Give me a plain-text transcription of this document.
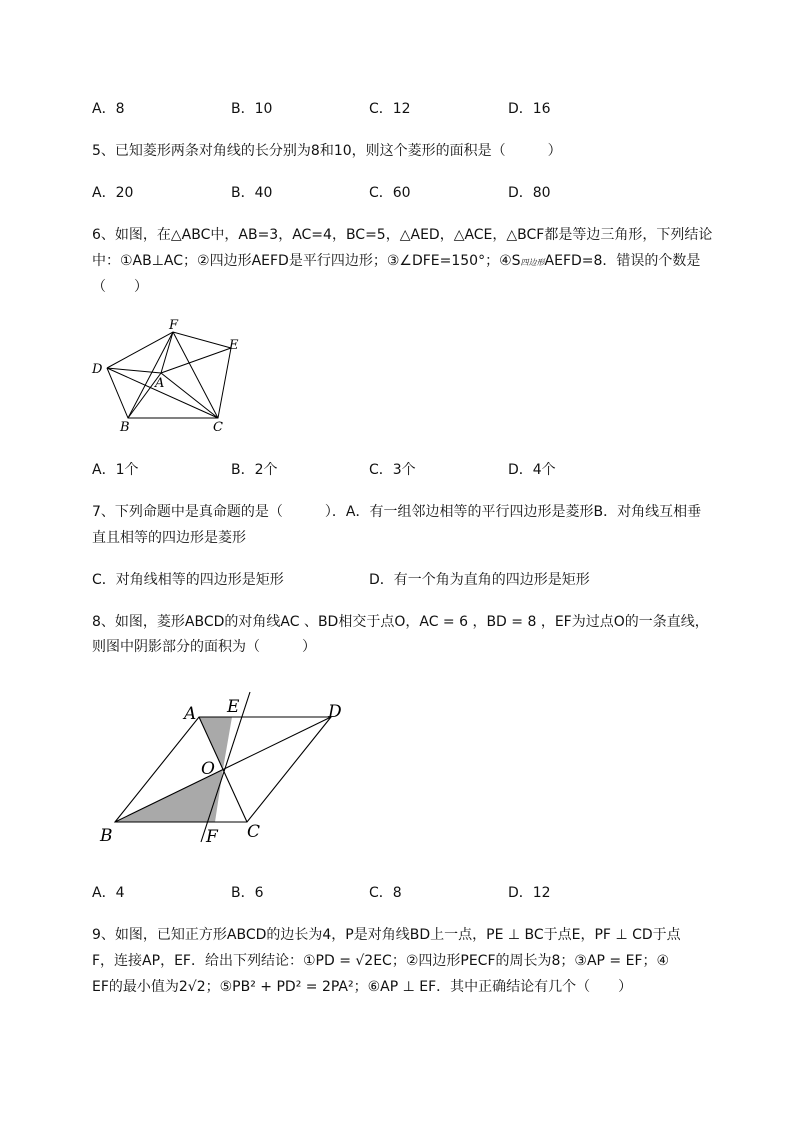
A．8	B．10	C．12	D．16
5、已知菱形两条对角线的长分别为8和10，则这个菱形的面积是（　　　）
A．20	B．40	C．60	D．80
6、如图，在△ABC中，AB=3，AC=4，BC=5，△AED，△ACE，△BCF都是等边三角形，下列结论
中：①AB⊥AC；②四边形AEFD是平行四边形；③∠DFE=150°；④S四边形AEFD=8．错误的个数是
（　　）
F
E
D
A
B	C
A．1个	B．2个	C．3个	D．4个
7、下列命题中是真命题的是（　　　）．A．有一组邻边相等的平行四边形是菱形B．对角线互相垂
直且相等的四边形是菱形
C．对角线相等的四边形是矩形	D．有一个角为直角的四边形是矩形
8、如图，菱形ABCD的对角线AC 、BD相交于点O，AC = 6 ，BD = 8 ，EF为过点O的一条直线，
则图中阴影部分的面积为（　　　）
A E	D
O
B	F C
A．4	B．6	C．8	D．12
9、如图，已知正方形ABCD的边长为4，P是对角线BD上一点，PE ⊥ BC于点E，PF ⊥ CD于点
F，连接AP，EF．给出下列结论：①PD = √2EC；②四边形PECF的周长为8；③AP = EF；④
EF的最小值为2√2；⑤PB² + PD² = 2PA²；⑥AP ⊥ EF．其中正确结论有几个（　　）
